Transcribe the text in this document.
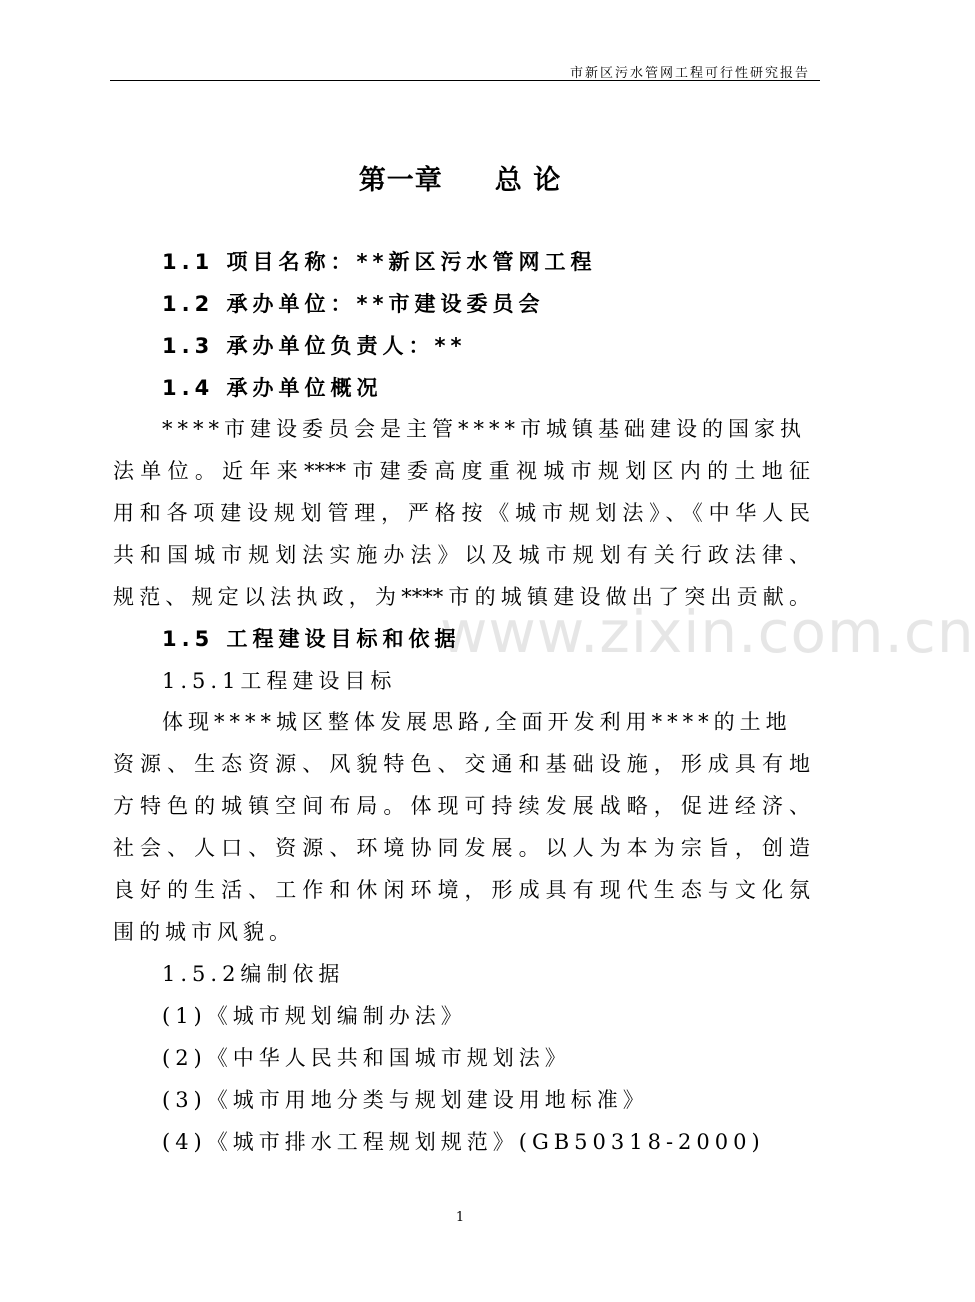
市新区污水管网工程可行性研究报告
第一章 总 论
1.1 项目名称：**新区污水管网工程
1.2 承办单位：**市建设委员会
1.3 承办单位负责人：**
1.4 承办单位概况
****市建设委员会是主管****市城镇基础建设的国家执
法单位。近年来****市建委高度重视城市规划区内的土地征
用和各项建设规划管理，严格按《城市规划法》、《中华人民
共和国城市规划法实施办法》以及城市规划有关行政法律、
规范、规定以法执政，为****市的城镇建设做出了突出贡献。
www.zixin.com.cn
1.5 工程建设目标和依据
1.5.1工程建设目标
体现****城区整体发展思路,全面开发利用****的土地
资源、生态资源、风貌特色、交通和基础设施，形成具有地
方特色的城镇空间布局。体现可持续发展战略，促进经济、
社会、人口、资源、环境协同发展。以人为本为宗旨，创造
良好的生活、工作和休闲环境，形成具有现代生态与文化氛
围的城市风貌。
1.5.2编制依据
(1)《城市规划编制办法》
(2)《中华人民共和国城市规划法》
(3)《城市用地分类与规划建设用地标准》
(4)《城市排水工程规划规范》(GB50318-2000)
1
